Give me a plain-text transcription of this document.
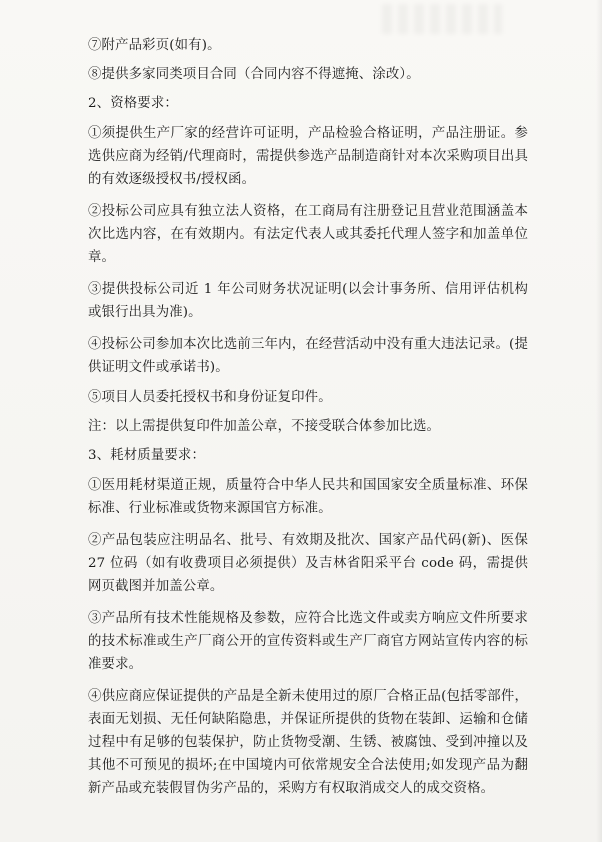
⑦附产品彩页(如有)。

⑧提供多家同类项目合同（合同内容不得遮掩、涂改）。

2、资格要求：

①须提供生产厂家的经营许可证明，产品检验合格证明，产品注册证。参选供应商为经销/代理商时，需提供参选产品制造商针对本次采购项目出具的有效逐级授权书/授权函。

②投标公司应具有独立法人资格，在工商局有注册登记且营业范围涵盖本次比选内容，在有效期内。有法定代表人或其委托代理人签字和加盖单位章。

③提供投标公司近 1 年公司财务状况证明(以会计事务所、信用评估机构或银行出具为准)。

④投标公司参加本次比选前三年内，在经营活动中没有重大违法记录。(提供证明文件或承诺书)。

⑤项目人员委托授权书和身份证复印件。

注：以上需提供复印件加盖公章，不接受联合体参加比选。

3、耗材质量要求：

①医用耗材渠道正规，质量符合中华人民共和国国家安全质量标准、环保标准、行业标准或货物来源国官方标准。

②产品包装应注明品名、批号、有效期及批次、国家产品代码(新)、医保 27 位码（如有收费项目必须提供）及吉林省阳采平台 code 码，需提供网页截图并加盖公章。

③产品所有技术性能规格及参数，应符合比选文件或卖方响应文件所要求的技术标准或生产厂商公开的宣传资料或生产厂商官方网站宣传内容的标准要求。

④供应商应保证提供的产品是全新未使用过的原厂合格正品(包括零部件，表面无划损、无任何缺陷隐患，并保证所提供的货物在装卸、运输和仓储过程中有足够的包装保护，防止货物受潮、生锈、被腐蚀、受到冲撞以及其他不可预见的损坏;在中国境内可依常规安全合法使用;如发现产品为翻新产品或充装假冒伪劣产品的，采购方有权取消成交人的成交资格。
